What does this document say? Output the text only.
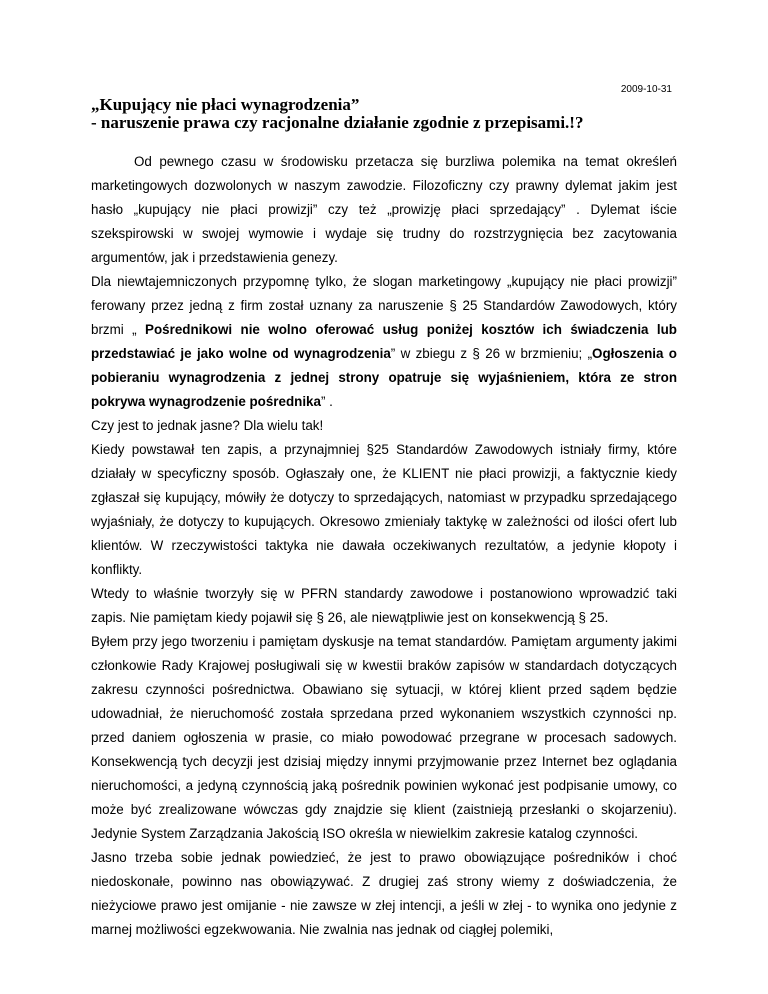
2009-10-31
„Kupujący nie płaci wynagrodzenia”
- naruszenie prawa czy racjonalne działanie zgodnie z przepisami.!?

Od pewnego czasu w środowisku przetacza się burzliwa polemika na temat określeń marketingowych dozwolonych w naszym zawodzie. Filozoficzny czy prawny dylemat jakim jest hasło „kupujący nie płaci prowizji” czy też „prowizję płaci sprzedający” . Dylemat iście szekspirowski w swojej wymowie i wydaje się trudny do rozstrzygnięcia bez zacytowania argumentów, jak i przedstawienia genezy.

Dla niewtajemniczonych przypomnę tylko, że slogan marketingowy „kupujący nie płaci prowizji” ferowany przez jedną z firm został uznany za naruszenie § 25 Standardów Zawodowych, który brzmi „ Pośrednikowi nie wolno oferować usług poniżej kosztów ich świadczenia lub przedstawiać je jako wolne od wynagrodzenia” w zbiegu z § 26 w brzmieniu; „Ogłoszenia o pobieraniu wynagrodzenia z jednej strony opatruje się wyjaśnieniem, która ze stron pokrywa wynagrodzenie pośrednika” .

Czy jest to jednak jasne? Dla wielu tak!

Kiedy powstawał ten zapis, a przynajmniej §25 Standardów Zawodowych istniały firmy, które działały w specyficzny sposób. Ogłaszały one, że KLIENT nie płaci prowizji, a faktycznie kiedy zgłaszał się kupujący, mówiły że dotyczy to sprzedających, natomiast w przypadku sprzedającego wyjaśniały, że dotyczy to kupujących. Okresowo zmieniały taktykę w zależności od ilości ofert lub klientów. W rzeczywistości taktyka nie dawała oczekiwanych rezultatów, a jedynie kłopoty i konflikty.

Wtedy to właśnie tworzyły się w PFRN standardy zawodowe i postanowiono wprowadzić taki zapis. Nie pamiętam kiedy pojawił się § 26, ale niewątpliwie jest on konsekwencją § 25.

Byłem przy jego tworzeniu i pamiętam dyskusje na temat standardów. Pamiętam argumenty jakimi członkowie Rady Krajowej posługiwali się w kwestii braków zapisów w standardach dotyczących zakresu czynności pośrednictwa. Obawiano się sytuacji, w której klient przed sądem będzie udowadniał, że nieruchomość została sprzedana przed wykonaniem wszystkich czynności np. przed daniem ogłoszenia w prasie, co miało powodować przegrane w procesach sadowych. Konsekwencją tych decyzji jest dzisiaj między innymi przyjmowanie przez Internet bez oglądania nieruchomości, a jedyną czynnością jaką pośrednik powinien wykonać jest podpisanie umowy, co może być zrealizowane wówczas gdy znajdzie się klient (zaistnieją przesłanki o skojarzeniu). Jedynie System Zarządzania Jakością ISO określa w niewielkim zakresie katalog czynności.

Jasno trzeba sobie jednak powiedzieć, że jest to prawo obowiązujące pośredników i choć niedoskonałe, powinno nas obowiązywać. Z drugiej zaś strony wiemy z doświadczenia, że nieżyciowe prawo jest omijanie - nie zawsze w złej intencji, a jeśli w złej - to wynika ono jedynie z marnej możliwości egzekwowania. Nie zwalnia nas jednak od ciągłej polemiki,
